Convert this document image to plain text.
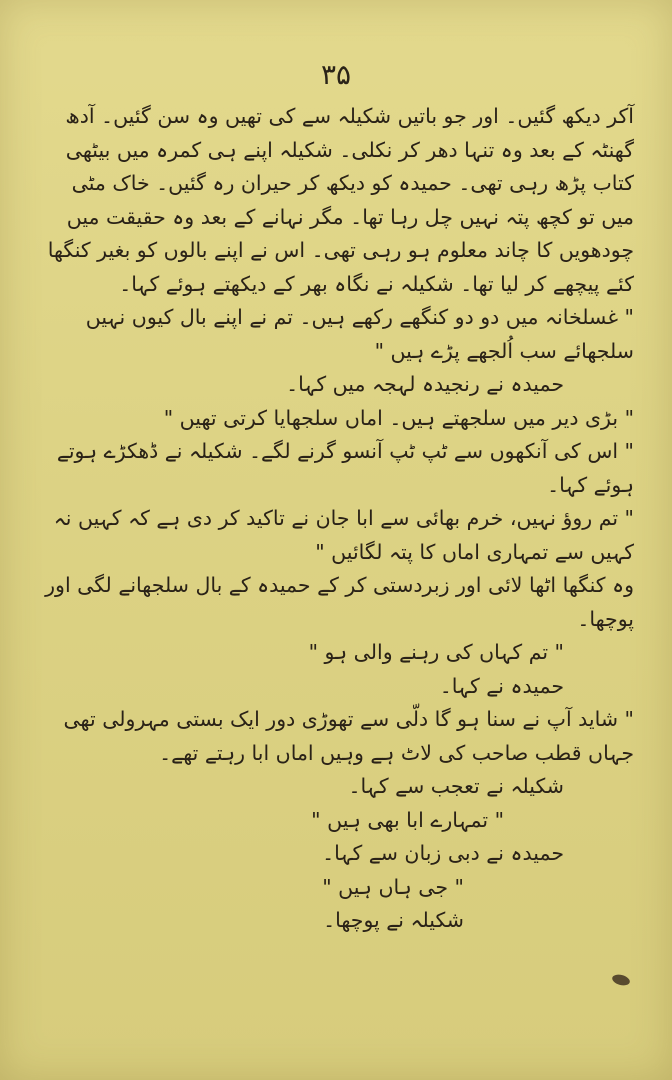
۳۵

آکر دیکھ گئیں۔ اور جو باتیں شکیلہ سے کی تھیں وہ سن گئیں۔ آدھ گھنٹہ کے بعد وہ تنہا دھر کر نکلی۔ شکیلہ اپنے ہی کمرہ میں بیٹھی کتاب پڑھ رہی تھی۔ حمیدہ کو دیکھ کر حیران رہ گئیں۔ خاک مٹی میں تو کچھ پتہ نہیں چل رہا تھا۔ مگر نہانے کے بعد وہ حقیقت میں چودھویں کا چاند معلوم ہو رہی تھی۔ اس نے اپنے بالوں کو بغیر کنگھا کئے پیچھے کر لیا تھا۔ شکیلہ نے نگاہ بھر کے دیکھتے ہوئے کہا۔

" غسلخانہ میں دو دو کنگھے رکھے ہیں۔ تم نے اپنے بال کیوں نہیں سلجھائے سب اُلجھے پڑے ہیں "

حمیدہ نے رنجیدہ لہجہ میں کہا۔

" بڑی دیر میں سلجھتے ہیں۔ اماں سلجھایا کرتی تھیں "

" اس کی آنکھوں سے ٹپ ٹپ آنسو گرنے لگے۔ شکیلہ نے ڈھکڑے ہوتے ہوئے کہا۔

" تم روؤ نہیں، خرم بھائی سے ابا جان نے تاکید کر دی ہے کہ کہیں نہ کہیں سے تمہاری اماں کا پتہ لگائیں "

وہ کنگھا اٹھا لائی اور زبردستی کر کے حمیدہ کے بال سلجھانے لگی اور پوچھا۔

" تم کہاں کی رہنے والی ہو "

حمیدہ نے کہا۔

" شاید آپ نے سنا ہو گا دلّی سے تھوڑی دور ایک بستی مہرولی تھی جہاں قطب صاحب کی لاٹ ہے وہیں اماں ابا رہتے تھے۔

شکیلہ نے تعجب سے کہا۔

" تمہارے ابا بھی ہیں "

حمیدہ نے دبی زبان سے کہا۔

" جی ہاں ہیں "

شکیلہ نے پوچھا۔
